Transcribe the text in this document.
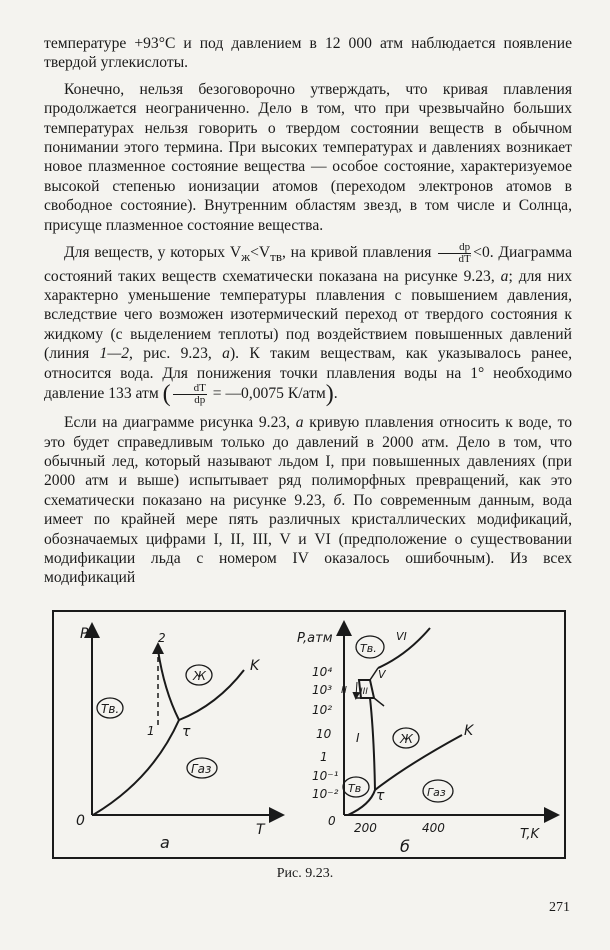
температуре +93°C и под давлением в 12 000 атм наблюдается появление твердой углекислоты.

Конечно, нельзя безоговорочно утверждать, что кривая плавления продолжается неограниченно. Дело в том, что при чрезвычайно больших температурах нельзя говорить о твердом состоянии веществ в обычном понимании этого термина. При высоких температурах и давлениях возникает новое плазменное состояние вещества — особое состояние, характеризуемое высокой степенью ионизации атомов (переходом электронов атомов в свободное состояние). Внутренним областям звезд, в том числе и Солнца, присуще плазменное состояние вещества.

Для веществ, у которых $V_ж<V_{тв}$, на кривой плавления $\frac{dp}{dT} <0$. Диаграмма состояний таких веществ схематически показана на рисунке 9.23, а; для них характерно уменьшение температуры плавления с повышением давления, вследствие чего возможен изотермический переход от твердого состояния к жидкому (с выделением теплоты) под воздействием повышенных давлений (линия 1—2, рис. 9.23, а). К таким веществам, как указывалось ранее, относится вода. Для понижения точки плавления воды на 1° необходимо давление 133 атм ( $\frac{dT}{dp}$ = —0,0075 К/атм).

Если на диаграмме рисунка 9.23, а кривую плавления относить к воде, то это будет справедливым только до давлений в 2000 атм. Дело в том, что обычный лед, который называют льдом I, при повышенных давлениях (при 2000 атм и выше) испытывает ряд полиморфных превращений, как это схематически показано на рисунке 9.23, б. По современным данным, вода имеет по крайней мере пять различных кристаллических модификаций, обозначаемых цифрами I, II, III, V и VI (предположение о существовании модификации льда с номером IV оказалось ошибочным). Из всех модификаций

P
T
0
Тв.
Ж
Газ
τ
K
1
2
а
P,атм
T,K
0
10⁴
10³
10²
10
1
10⁻¹
10⁻²
200	400
Тв.
Ж
Газ
Тв τ
K
I
II III
V
VI
б
Рис. 9.23.
271
